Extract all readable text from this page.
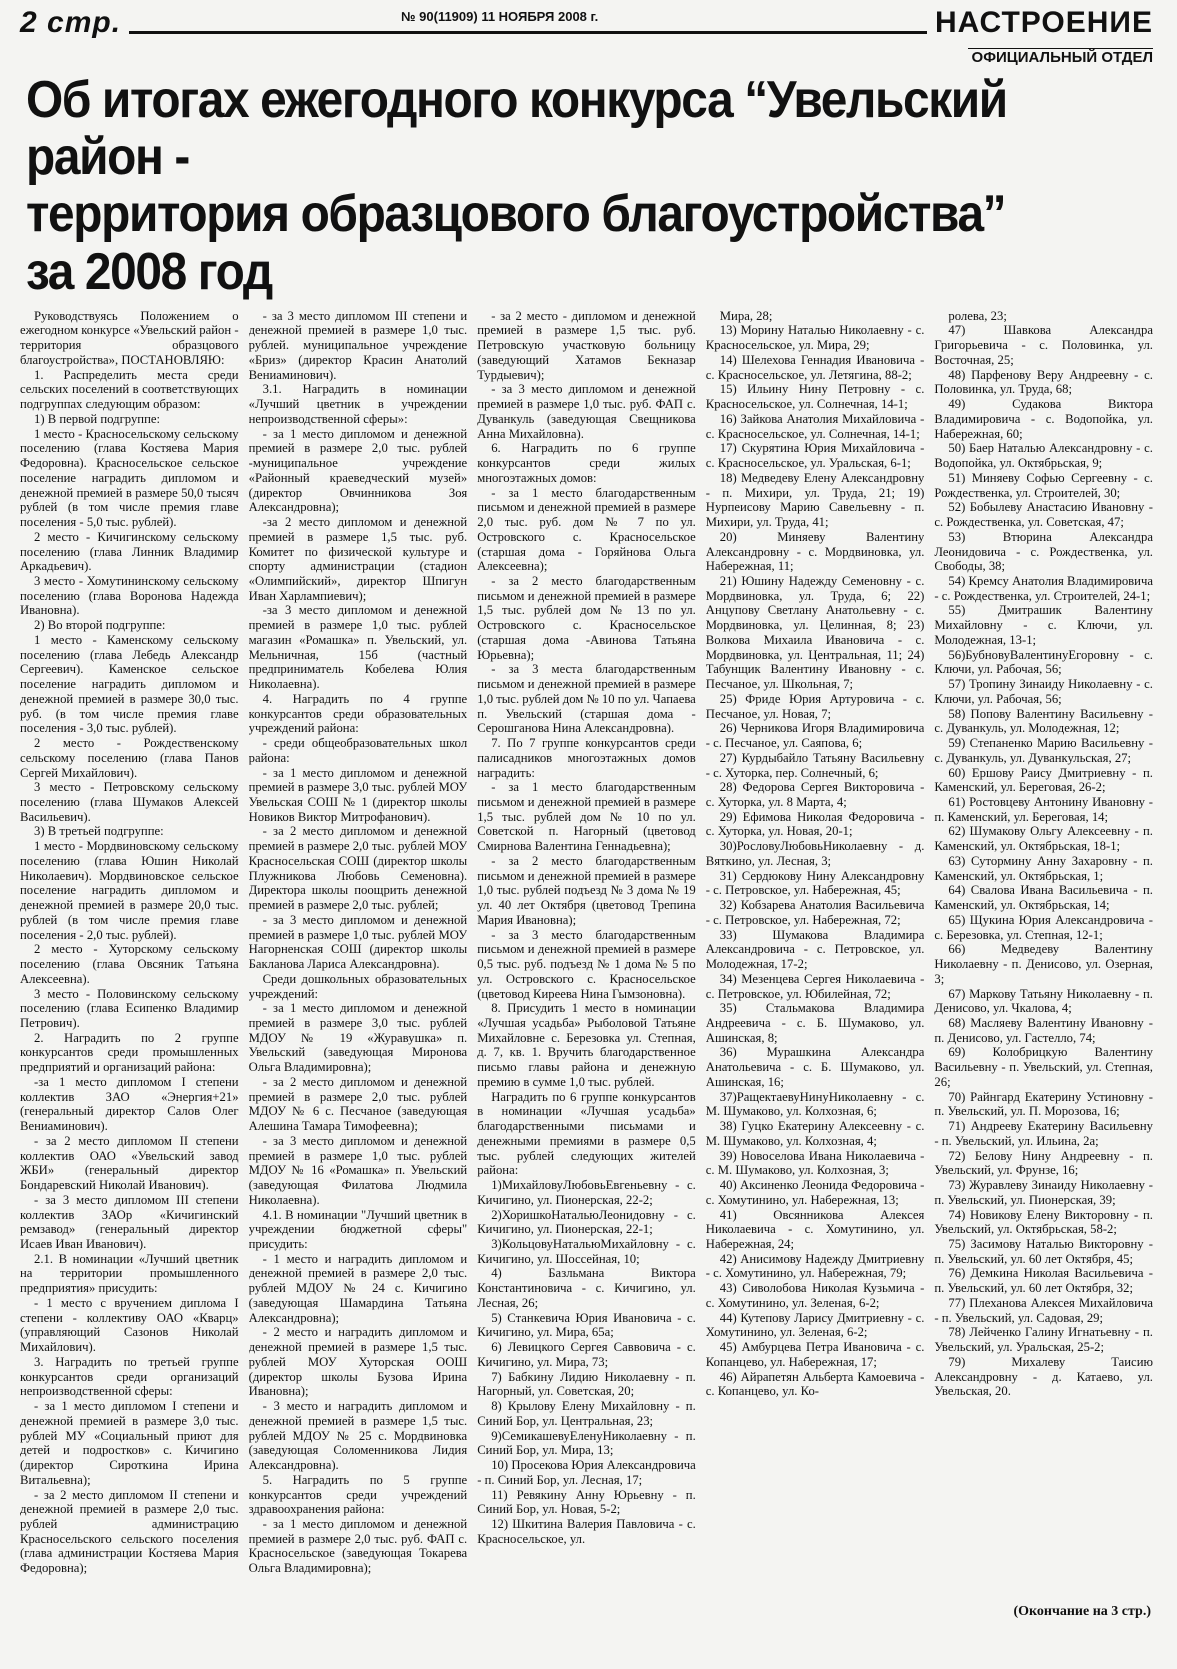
2 стр.	№ 90(11909) 11 НОЯБРЯ 2008 г.	НАСТРОЕНИЕ
ОФИЦИАЛЬНЫЙ ОТДЕЛ
Об итогах ежегодного конкурса “Увельский район -
территория образцового благоустройства” за 2008 год

Руководствуясь Положением о ежегодном конкурсе «Увельский район - территория образцового благоустройства», ПОСТАНОВЛЯЮ:

1. Распределить места среди сельских поселений в соответствующих подгруппах следующим образом:

1) В первой подгруппе:

1 место - Красносельскому сельскому поселению (глава Костяева Мария Федоровна). Красносельское сельское поселение наградить дипломом и денежной премией в размере 50,0 тысяч рублей (в том числе премия главе поселения - 5,0 тыс. рублей).

2 место - Кичигинскому сельскому поселению (глава Линник Владимир Аркадьевич).

3 место - Хомутининскому сельскому поселению (глава Воронова Надежда Ивановна).

2) Во второй подгруппе:

1 место - Каменскому сельскому поселению (глава Лебедь Александр Сергеевич). Каменское сельское поселение наградить дипломом и денежной премией в размере 30,0 тыс. руб. (в том числе премия главе поселения - 3,0 тыс. рублей).

2 место - Рождественскому сельскому поселению (глава Панов Сергей Михайлович).

3 место - Петровскому сельскому поселению (глава Шумаков Алексей Васильевич).

3) В третьей подгруппе:

1 место - Мордвиновскому сельскому поселению (глава Юшин Николай Николаевич). Мордвиновское сельское поселение наградить дипломом и денежной премией в размере 20,0 тыс. рублей (в том числе премия главе поселения - 2,0 тыс. рублей).

2 место - Хуторскому сельскому поселению (глава Овсяник Татьяна Алексеевна).

3 место - Половинскому сельскому поселению (глава Есипенко Владимир Петрович).

2. Наградить по 2 группе конкурсантов среди промышленных предприятий и организаций района:

-за 1 место дипломом I степени коллектив ЗАО «Энергия+21» (генеральный директор Салов Олег Вениаминович).

- за 2 место дипломом II степени коллектив ОАО «Увельский завод ЖБИ» (генеральный директор Бондаревский Николай Иванович).

- за 3 место дипломом III степени коллектив ЗАОр «Кичигинский ремзавод» (генеральный директор Исаев Иван Иванович).

2.1. В номинации «Лучший цветник на территории промышленного предприятия» присудить:

- 1 место с вручением диплома I степени - коллективу ОАО «Кварц» (управляющий Сазонов Николай Михайлович).

3. Наградить по третьей группе конкурсантов среди организаций непроизводственной сферы:

- за 1 место дипломом I степени и денежной премией в размере 3,0 тыс. рублей МУ «Социальный приют для детей и подростков» с. Кичигино (директор Сироткина Ирина Витальевна);

- за 2 место дипломом II степени и денежной премией в размере 2,0 тыс. рублей администрацию Красносельского сельского поселения (глава администрации Костяева Мария Федоровна);

- за 3 место дипломом III степени и денежной премией в размере 1,0 тыс. рублей. муниципальное учреждение «Бриз» (директор Красин Анатолий Вениаминович).

3.1. Наградить в номинации «Лучший цветник в учреждении непроизводственной сферы»:

- за 1 место дипломом и денежной премией в размере 2,0 тыс. рублей -муниципальное учреждение «Районный краеведческий музей» (директор Овчинникова Зоя Александровна);

-за 2 место дипломом и денежной премией в размере 1,5 тыс. руб. Комитет по физической культуре и спорту администрации (стадион «Олимпийский», директор Шпигун Иван Харлампиевич);

-за 3 место дипломом и денежной премией в размере 1,0 тыс. рублей магазин «Ромашка» п. Увельский, ул. Мельничная, 15б (частный предприниматель Кобелева Юлия Николаевна).

4. Наградить по 4 группе конкурсантов среди образовательных учреждений района:

- среди общеобразовательных школ района:

- за 1 место дипломом и денежной премией в размере 3,0 тыс. рублей МОУ Увельская СОШ № 1 (директор школы Новиков Виктор Митрофанович).

- за 2 место дипломом и денежной премией в размере 2,0 тыс. рублей МОУ Красносельская СОШ (директор школы Плужникова Любовь Семеновна). Директора школы поощрить денежной премией в размере 2,0 тыс. рублей;

- за 3 место дипломом и денежной премией в размере 1,0 тыс. рублей МОУ Нагорненская СОШ (директор школы Бакланова Лариса Александровна).

Среди дошкольных образовательных учреждений:

- за 1 место дипломом и денежной премией в размере 3,0 тыс. рублей МДОУ № 19 «Журавушка» п. Увельский (заведующая Миронова Ольга Владимировна);

- за 2 место дипломом и денежной премией в размере 2,0 тыс. рублей МДОУ № 6 с. Песчаное (заведующая Алешина Тамара Тимофеевна);

- за 3 место дипломом и денежной премией в размере 1,0 тыс. рублей МДОУ № 16 «Ромашка» п. Увельский (заведующая Филатова Людмила Николаевна).

4.1. В номинации "Лучший цветник в учреждении бюджетной сферы" присудить:

- 1 место и наградить дипломом и денежной премией в размере 2,0 тыс. рублей МДОУ № 24 с. Кичигино (заведующая Шамардина Татьяна Александровна);

- 2 место и наградить дипломом и денежной премией в размере 1,5 тыс. рублей МОУ Хуторская ООШ (директор школы Бузова Ирина Ивановна);

- 3 место и наградить дипломом и денежной премией в размере 1,5 тыс. рублей МДОУ № 25 с. Мордвиновка (заведующая Соломенникова Лидия Александровна).

5. Наградить по 5 группе конкурсантов среди учреждений здравоохранения района:

- за 1 место дипломом и денежной премией в размере 2,0 тыс. руб. ФАП с. Красносельское (заведующая Токарева Ольга Владимировна);

- за 2 место - дипломом и денежной премией в размере 1,5 тыс. руб. Петровскую участковую больницу (заведующий Хатамов Бекназар Турдыевич);

- за 3 место дипломом и денежной премией в размере 1,0 тыс. руб. ФАП с. Дуванкуль (заведующая Свещникова Анна Михайловна).

6. Наградить по 6 группе конкурсантов среди жилых многоэтажных домов:

- за 1 место благодарственным письмом и денежной премией в размере 2,0 тыс. руб. дом № 7 по ул. Островского с. Красносельское (старшая дома - Горяйнова Ольга Алексеевна);

- за 2 место благодарственным письмом и денежной премией в размере 1,5 тыс. рублей дом № 13 по ул. Островского с. Красносельское (старшая дома -Авинова Татьяна Юрьевна);

- за 3 места благодарственным письмом и денежной премией в размере 1,0 тыс. рублей дом № 10 по ул. Чапаева п. Увельский (старшая дома - Серошганова Нина Александровна).

7. По 7 группе конкурсантов среди палисадников многоэтажных домов наградить:

- за 1 место благодарственным письмом и денежной премией в размере 1,5 тыс. рублей дом № 10 по ул. Советской п. Нагорный (цветовод Смирнова Валентина Геннадьевна);

- за 2 место благодарственным письмом и денежной премией в размере 1,0 тыс. рублей подъезд № 3 дома № 19 ул. 40 лет Октября (цветовод Трепина Мария Ивановна);

- за 3 место благодарственным письмом и денежной премией в размере 0,5 тыс. руб. подъезд № 1 дома № 5 по ул. Островского с. Красносельское (цветовод Киреева Нина Гымзоновна).

8. Присудить 1 место в номинации «Лучшая усадьба» Рыболовой Татьяне Михайловне с. Березовка ул. Степная, д. 7, кв. 1. Вручить благодарственное письмо главы района и денежную премию в сумме 1,0 тыс. рублей.

Наградить по 6 группе конкурсантов в номинации «Лучшая усадьба» благодарственными письмами и денежными премиями в размере 0,5 тыс. рублей следующих жителей района:

1)МихайловуЛюбовьЕвгеньевну - с. Кичигино, ул. Пионерская, 22-2;

2)ХоришкоНатальюЛеонидовну - с. Кичигино, ул. Пионерская, 22-1;

3)КольцовуНатальюМихайловну - с. Кичигино, ул. Шоссейная, 10;

4) Базльмана Виктора Константиновича - с. Кичигино, ул. Лесная, 26;

5) Станкевича Юрия Ивановича - с. Кичигино, ул. Мира, 65а;

6) Левицкого Сергея Саввовича - с. Кичигино, ул. Мира, 73;

7) Бабкину Лидию Николаевну - п. Нагорный, ул. Советская, 20;

8) Крылову Елену Михайловну - п. Синий Бор, ул. Центральная, 23;

9)СемикашевуЕленуНиколаевну - п. Синий Бор, ул. Мира, 13;

10) Просекова Юрия Александровича - п. Синий Бор, ул. Лесная, 17;

11) Ревякину Анну Юрьевну - п. Синий Бор, ул. Новая, 5-2;

12) Шкитина Валерия Павловича - с. Красносельское, ул.

Мира, 28;

13) Морину Наталью Николаевну - с. Красносельское, ул. Мира, 29;

14) Шелехова Геннадия Ивановича - с. Красносельское, ул. Летягина, 88-2;

15) Ильину Нину Петровну - с. Красносельское, ул. Солнечная, 14-1;

16) Зайкова Анатолия Михайловича - с. Красносельское, ул. Солнечная, 14-1;

17) Скурятина Юрия Михайловича - с. Красносельское, ул. Уральская, 6-1;

18) Медведеву Елену Александровну - п. Михири, ул. Труда, 21; 19) Нурпеисову Марию Савельевну - п. Михири, ул. Труда, 41;

20) Миняеву Валентину Александровну - с. Мордвиновка, ул. Набережная, 11;

21) Юшину Надежду Семеновну - с. Мордвиновка, ул. Труда, 6; 22) Анцупову Светлану Анатольевну - с. Мордвиновка, ул. Целинная, 8; 23) Волкова Михаила Ивановича - с. Мордвиновка, ул. Центральная, 11; 24) Табунщик Валентину Ивановну - с. Песчаное, ул. Школьная, 7;

25) Фриде Юрия Артуровича - с. Песчаное, ул. Новая, 7;

26) Черникова Игоря Владимировича - с. Песчаное, ул. Саяпова, 6;

27) Курдыбайло Татьяну Васильевну - с. Хуторка, пер. Солнечный, 6;

28) Федорова Сергея Викторовича - с. Хуторка, ул. 8 Марта, 4;

29) Ефимова Николая Федоровича - с. Хуторка, ул. Новая, 20-1;

30)РословуЛюбовьНиколаевну - д. Вяткино, ул. Лесная, 3;

31) Сердюкову Нину Александровну - с. Петровское, ул. Набережная, 45;

32) Кобзарева Анатолия Васильевича - с. Петровское, ул. Набережная, 72;

33) Шумакова Владимира Александровича - с. Петровское, ул. Молодежная, 17-2;

34) Мезенцева Сергея Николаевича - с. Петровское, ул. Юбилейная, 72;

35) Стальмакова Владимира Андреевича - с. Б. Шумаково, ул. Ашинская, 8;

36) Мурашкина Александра Анатольевича - с. Б. Шумаково, ул. Ашинская, 16;

37)РащектаевуНинуНиколаевну - с. М. Шумаково, ул. Колхозная, 6;

38) Гуцко Екатерину Алексеевну - с. М. Шумаково, ул. Колхозная, 4;

39) Новоселова Ивана Николаевича - с. М. Шумаково, ул. Колхозная, 3;

40) Аксиненко Леонида Федоровича - с. Хомутинино, ул. Набережная, 13;

41) Овсянникова Алексея Николаевича - с. Хомутинино, ул. Набережная, 24;

42) Анисимову Надежду Дмитриевну - с. Хомутинино, ул. Набережная, 79;

43) Сиволобова Николая Кузьмича - с. Хомутинино, ул. Зеленая, 6-2;

44) Кутепову Ларису Дмитриевну - с. Хомутинино, ул. Зеленая, 6-2;

45) Амбурцева Петра Ивановича - с. Копанцево, ул. Набережная, 17;

46) Айрапетян Альберта Камоевича - с. Копанцево, ул. Ко-

ролева, 23;

47) Шавкова Александра Григорьевича - с. Половинка, ул. Восточная, 25;

48) Парфенову Веру Андреевну - с. Половинка, ул. Труда, 68;

49) Судакова Виктора Владимировича - с. Водопойка, ул. Набережная, 60;

50) Баер Наталью Александровну - с. Водопойка, ул. Октябрьская, 9;

51) Миняеву Софью Сергеевну - с. Рождественка, ул. Строителей, 30;

52) Бобылеву Анастасию Ивановну - с. Рождественка, ул. Советская, 47;

53) Втюрина Александра Леонидовича - с. Рождественка, ул. Свободы, 38;

54) Кремсу Анатолия Владимировича - с. Рождественка, ул. Строителей, 24-1;

55) Дмитрашик Валентину Михайловну - с. Ключи, ул. Молодежная, 13-1;

56)БубновуВалентинуЕгоровну - с. Ключи, ул. Рабочая, 56;

57) Тропину Зинаиду Николаевну - с. Ключи, ул. Рабочая, 56;

58) Попову Валентину Васильевну - с. Дуванкуль, ул. Молодежная, 12;

59) Степаненко Марию Васильевну - с. Дуванкуль, ул. Дуванкульская, 27;

60) Ершову Раису Дмитриевну - п. Каменский, ул. Береговая, 26-2;

61) Ростовцеву Антонину Ивановну - п. Каменский, ул. Береговая, 14;

62) Шумакову Ольгу Алексеевну - п. Каменский, ул. Октябрьская, 18-1;

63) Сутормину Анну Захаровну - п. Каменский, ул. Октябрьская, 1;

64) Свалова Ивана Васильевича - п. Каменский, ул. Октябрьская, 14;

65) Щукина Юрия Александровича - с. Березовка, ул. Степная, 12-1;

66) Медведеву Валентину Николаевну - п. Денисово, ул. Озерная, 3;

67) Маркову Татьяну Николаевну - п. Денисово, ул. Чкалова, 4;

68) Масляеву Валентину Ивановну - п. Денисово, ул. Гастелло, 74;

69) Колобрицкую Валентину Васильевну - п. Увельский, ул. Степная, 26;

70) Райнгард Екатерину Устиновну - п. Увельский, ул. П. Морозова, 16;

71) Андрееву Екатерину Васильевну - п. Увельский, ул. Ильина, 2а;

72) Белову Нину Андреевну - п. Увельский, ул. Фрунзе, 16;

73) Журавлеву Зинаиду Николаевну - п. Увельский, ул. Пионерская, 39;

74) Новикову Елену Викторовну - п. Увельский, ул. Октябрьская, 58-2;

75) Засимову Наталью Викторовну - п. Увельский, ул. 60 лет Октября, 45;

76) Демкина Николая Васильевича - п. Увельский, ул. 60 лет Октября, 32;

77) Плеханова Алексея Михайловича - п. Увельский, ул. Садовая, 29;

78) Лейченко Галину Игнатьевну - п. Увельский, ул. Уральская, 25-2;

79) Михалеву Таисию Александровну - д. Катаево, ул. Увельская, 20.

(Окончание на 3 стр.)
